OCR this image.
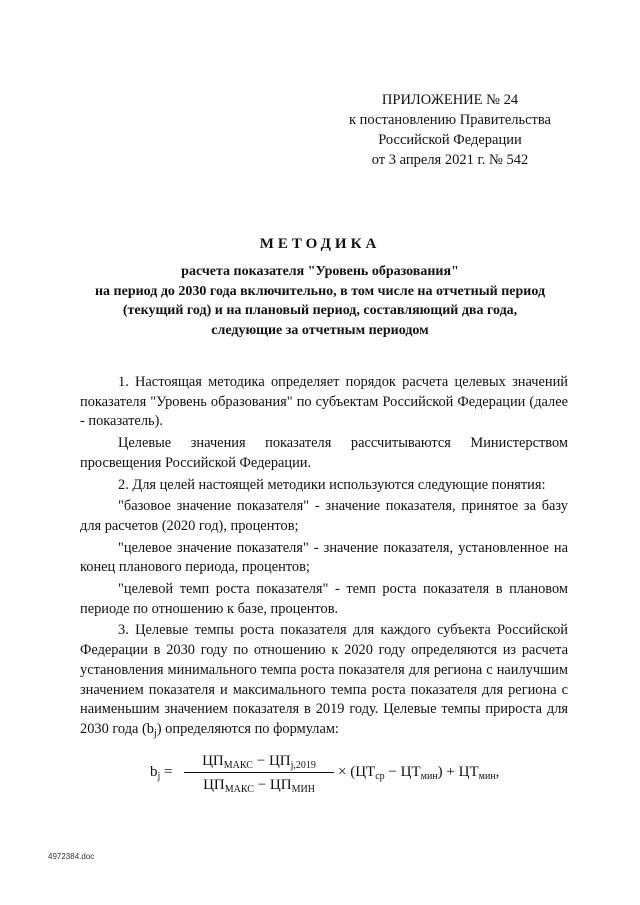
ПРИЛОЖЕНИЕ № 24
к постановлению Правительства
Российской Федерации
от 3 апреля 2021 г. № 542
МЕТОДИКА
расчета показателя "Уровень образования"
на период до 2030 года включительно, в том числе на отчетный период
(текущий год) и на плановый период, составляющий два года,
следующие за отчетным периодом

1. Настоящая методика определяет порядок расчета целевых значений показателя "Уровень образования" по субъектам Российской Федерации (далее - показатель).

Целевые значения показателя рассчитываются Министерством просвещения Российской Федерации.

2. Для целей настоящей методики используются следующие понятия:

"базовое значение показателя" - значение показателя, принятое за базу для расчетов (2020 год), процентов;

"целевое значение показателя" - значение показателя, установленное на конец планового периода, процентов;

"целевой темп роста показателя" - темп роста показателя в плановом периоде по отношению к базе, процентов.

3. Целевые темпы роста показателя для каждого субъекта Российской Федерации в 2030 году по отношению к 2020 году определяются из расчета установления минимального темпа роста показателя для региона с наилучшим значением показателя и максимального темпа роста показателя для региона с наименьшим значением показателя в 2019 году. Целевые темпы прироста для 2030 года $(b_j)$ определяются по формулам:

$b_j$ =
$ЦП_{МАКС} - ЦП_{j,2019}$
$ЦП_{МАКС} - ЦП_{МИН}$
× $(ЦТ_{ср} - ЦТ_{мин}) + ЦТ_{мин}$,
4972384.doc
